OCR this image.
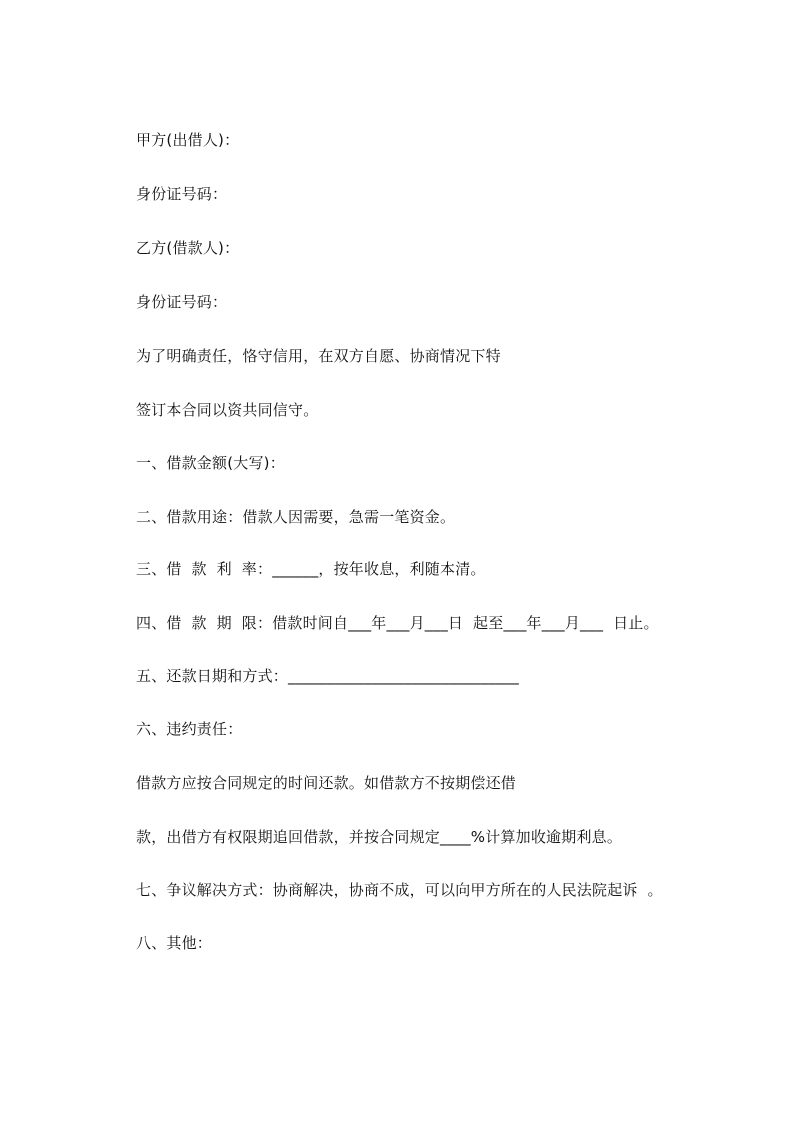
甲方(出借人)：
身份证号码：
乙方(借款人)：
身份证号码：
为了明确责任，恪守信用，在双方自愿、协商情况下特
签订本合同以资共同信守。
一、借款金额(大写)：
二、借款用途：借款人因需要，急需一笔资金。
三、借  款  利  率：______，按年收息，利随本清。
四、借  款  期  限：借款时间自___年___月___日  起至___年___月___  日止。
五、还款日期和方式：______________________________
六、违约责任：
借款方应按合同规定的时间还款。如借款方不按期偿还借
款，出借方有权限期追回借款，并按合同规定____%计算加收逾期利息。
七、争议解决方式：协商解决，协商不成，可以向甲方所在的人民法院起诉  。
八、其他：
